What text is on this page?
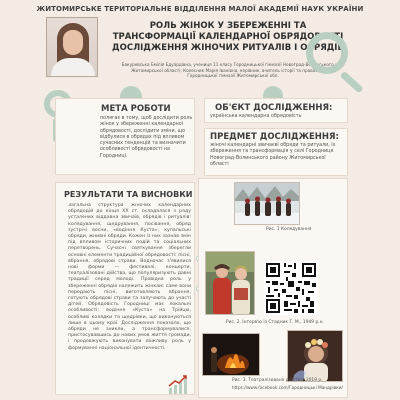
ЖИТОМИРСЬКЕ ТЕРИТОРІАЛЬНЕ ВІДДІЛЕННЯ МАЛОЇ АКАДЕМІЇ НАУК УКРАЇНИ
РОЛЬ ЖІНОК У ЗБЕРЕЖЕННІ ТА ТРАНСФОРМАЦІЇ КАЛЕНДАРНОЇ ОБРЯДОВОСТІ ДОСЛІДЖЕННЯ ЖІНОЧИХ РИТУАЛІВ І ОБРЯДІВ
Бакуревська Емілія Едуардівна, учениця 11 класу Городницької гімназії Новоград-Волинського р-ну Житомирської області; Колесник Марія Іванівна, керівник, вчитель історії та правознавства Городницької гімназії Житомирської обл.
МЕТА РОБОТИ
полягає в тому, щоб дослідити роль жінок у збереженні календарної обрядовості, дослідити зміни, що відбулися в обрядах під впливом сучасних тенденцій та визначити особливості обрядовості на Городниці.
ОБ'ЄКТ ДОСЛІДЖЕННЯ:
українська календарна обрядовість
ПРЕДМЕТ ДОСЛІДЖЕННЯ:
жіночі календарні звичаєві обряди та ритуали, їх збереження та трансформація у селі Городниця Новоград-Волинського району Житомирської області
РЕЗУЛЬТАТИ ТА ВИСНОВКИ
Загальна структура жіночих календарних обрядодій до кінця ХХ ст. складалася з ряду усталених віддавна звичаїв, обрядів і ритуалів: колядування, щедрування, посівання, обряд зустрічі весни, «водіння Куста», купальські обряди, жнивні обряди. Кожен із них зазнав змін під впливом історичних подій та соціальних перетворень. Сучасні святкування зберегли основні елементи традиційної обрядовості: пісні, вбрання, обрядові страви. Водночас з'явилися нові форми — фестивалі, концерти, театралізовані дійства, що популяризують давні традиції серед молоді. Провідна роль у збереженні обрядів належить жінкам: саме вони передають пісні, виготовляють вбрання, готують обрядові страви та залучають до участі дітей. Обрядовість Городниці має локальні особливості: водіння «Куста» на Трійцю, особливі колядки та щедрівки, що виконуються лише в цьому краї. Дослідження показало, що обряди не зникли, а трансформувалися, пристосувавшись до нових умов життя громади, і продовжують виконувати важливу роль у формуванні національної ідентичності.
Рис. 1 Колядування
Рис. 2. Інтерв'ю із Стадник Г. М., 1949 р.н.
Рис. 3. Театралізоване дійство, 2019 р.
https://www.facebook.com/Городницькі Мандрівки/
